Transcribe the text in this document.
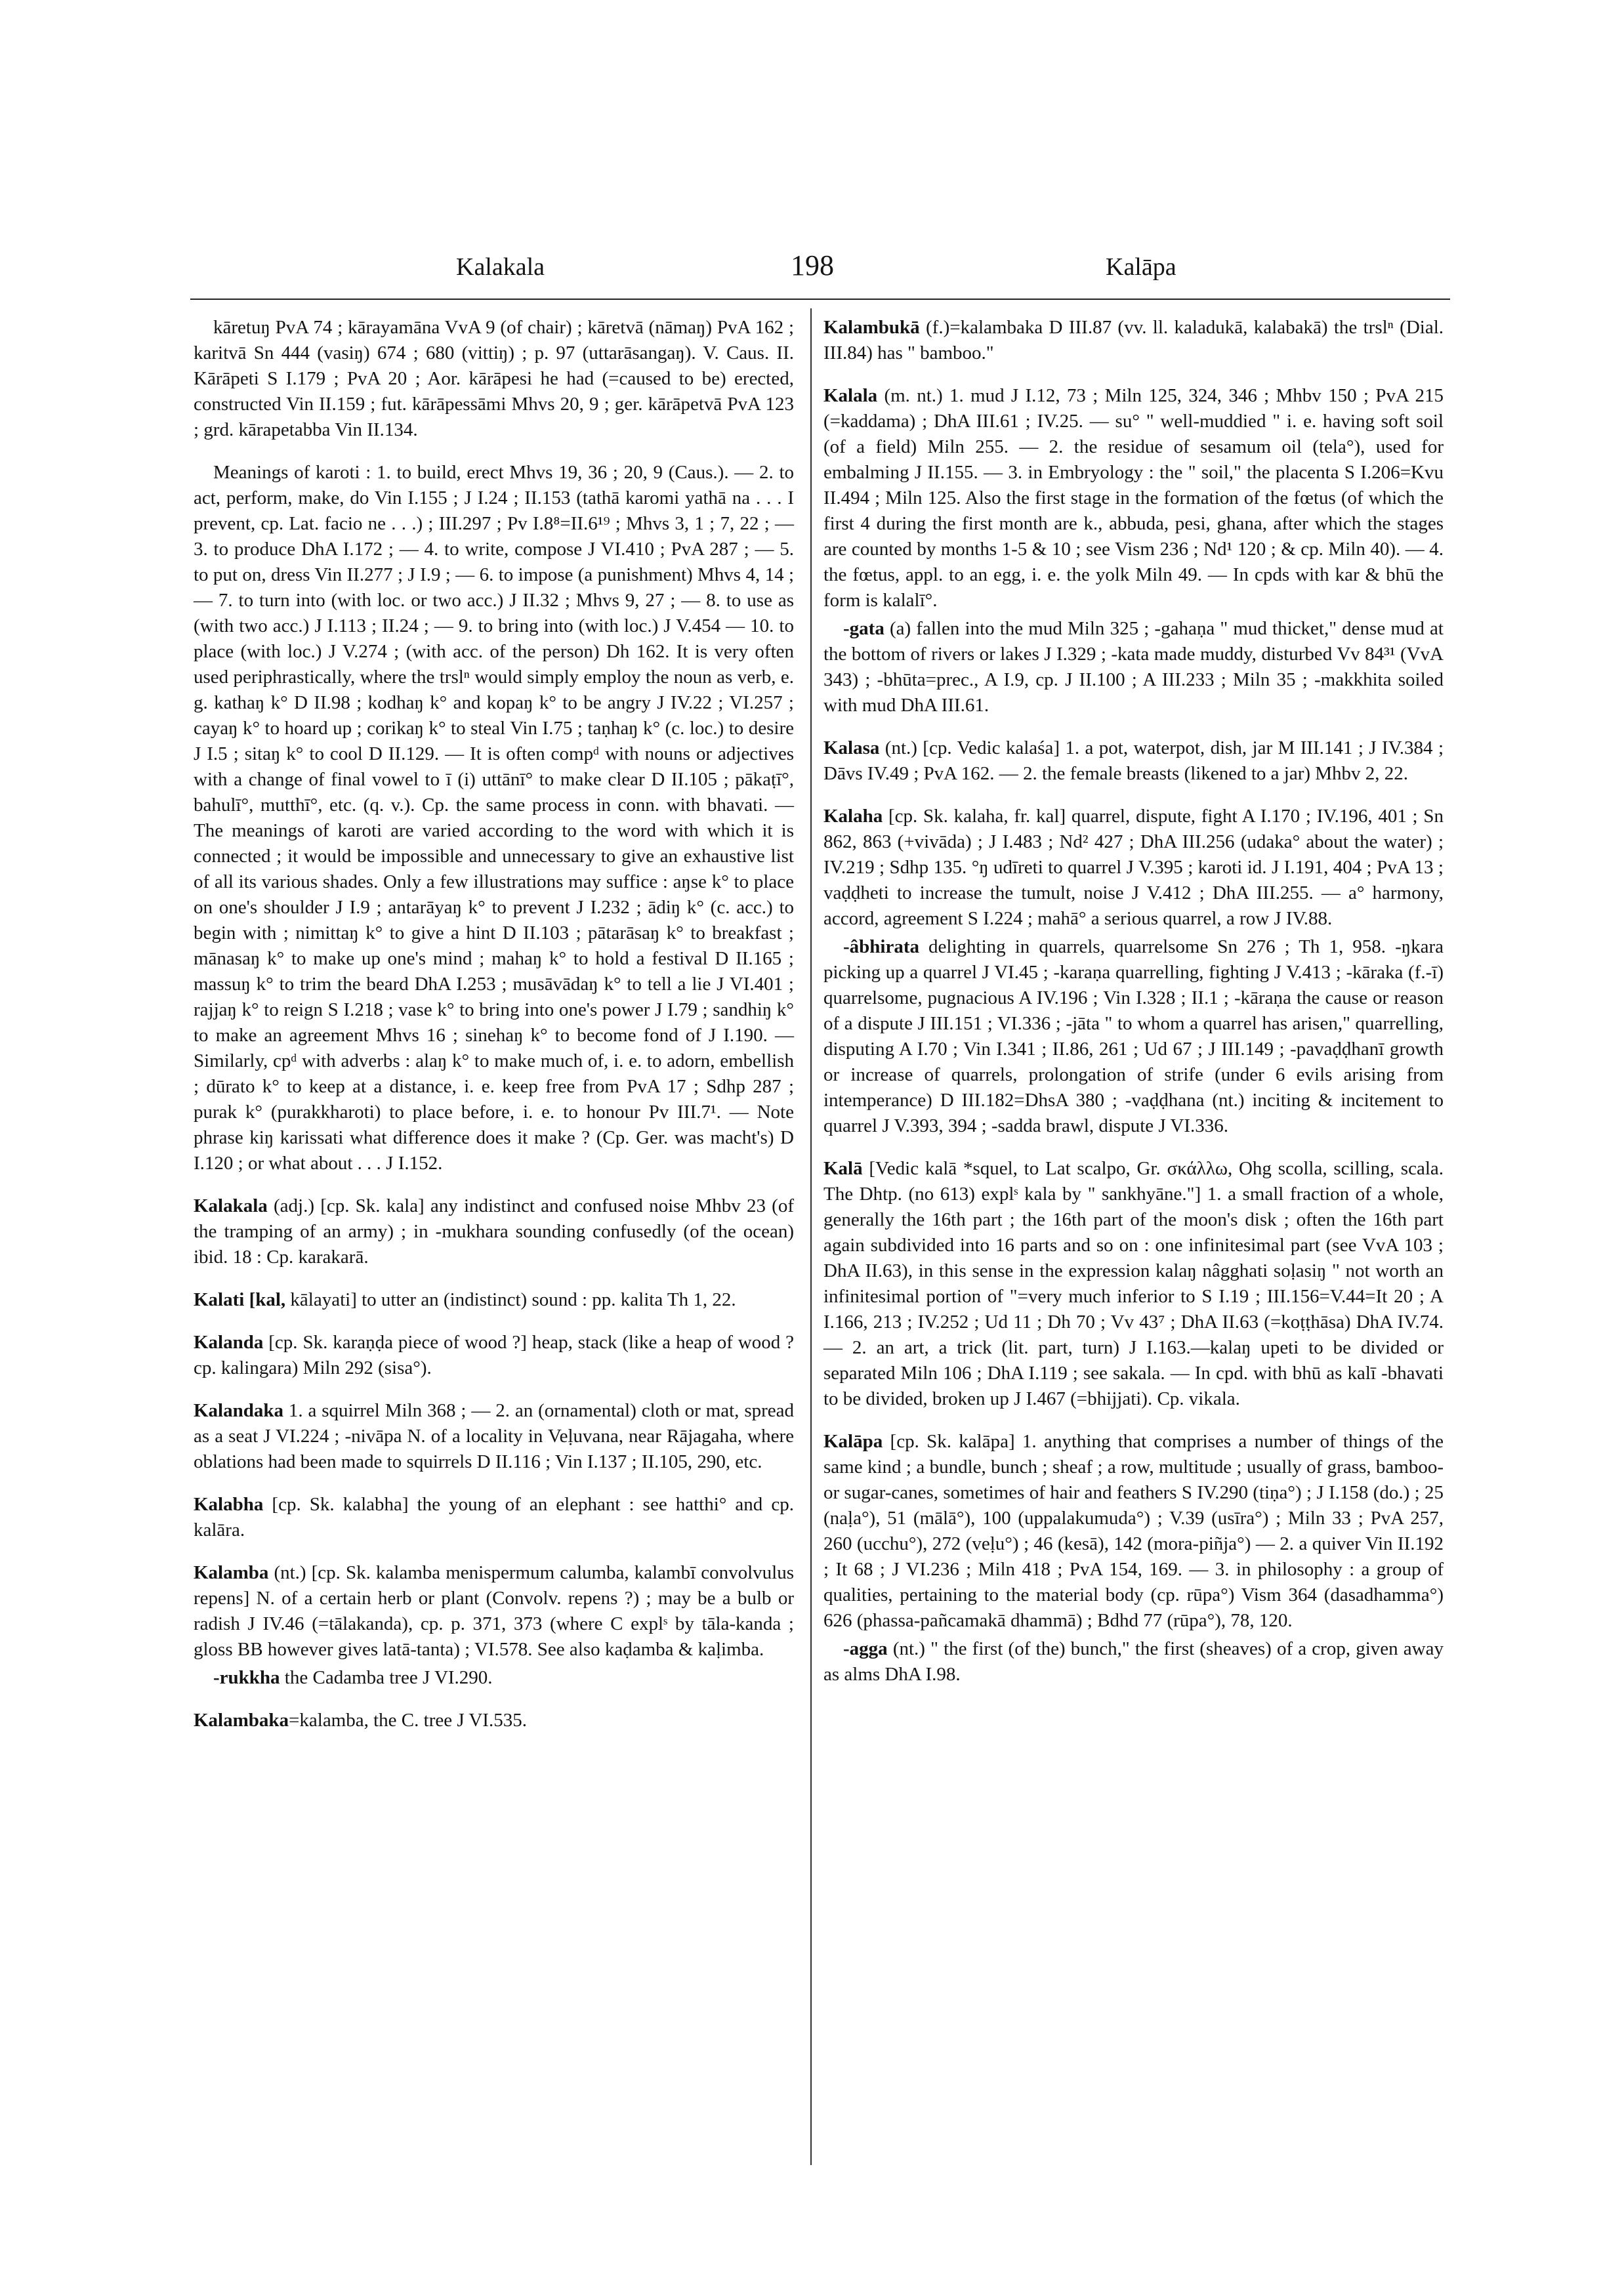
Kalakala	198	Kalāpa

kāretuŋ PvA 74 ; kārayamāna VvA 9 (of chair) ; kāretvā (nāmaŋ) PvA 162 ; karitvā Sn 444 (vasiŋ) 674 ; 680 (vittiŋ) ; p. 97 (uttarāsangaŋ). V. Caus. II. Kārāpeti S I.179 ; PvA 20 ; Aor. kārāpesi he had (=caused to be) erected, constructed Vin II.159 ; fut. kārāpessāmi Mhvs 20, 9 ; ger. kārāpetvā PvA 123 ; grd. kārapetabba Vin II.134.

Meanings of karoti : 1. to build, erect Mhvs 19, 36 ; 20, 9 (Caus.). — 2. to act, perform, make, do Vin I.155 ; J I.24 ; II.153 (tathā karomi yathā na . . . I prevent, cp. Lat. facio ne . . .) ; III.297 ; Pv I.8⁸=II.6¹⁹ ; Mhvs 3, 1 ; 7, 22 ; — 3. to produce DhA I.172 ; — 4. to write, compose J VI.410 ; PvA 287 ; — 5. to put on, dress Vin II.277 ; J I.9 ; — 6. to impose (a punishment) Mhvs 4, 14 ; — 7. to turn into (with loc. or two acc.) J II.32 ; Mhvs 9, 27 ; — 8. to use as (with two acc.) J I.113 ; II.24 ; — 9. to bring into (with loc.) J V.454 — 10. to place (with loc.) J V.274 ; (with acc. of the person) Dh 162. It is very often used periphrastically, where the trslⁿ would simply employ the noun as verb, e. g. kathaŋ k° D II.98 ; kodhaŋ k° and kopaŋ k° to be angry J IV.22 ; VI.257 ; cayaŋ k° to hoard up ; corikaŋ k° to steal Vin I.75 ; taṇhaŋ k° (c. loc.) to desire J I.5 ; sitaŋ k° to cool D II.129. — It is often compᵈ with nouns or adjectives with a change of final vowel to ī (i) uttānī° to make clear D II.105 ; pākaṭī°, bahulī°, mutthī°, etc. (q. v.). Cp. the same process in conn. with bhavati. — The meanings of karoti are varied according to the word with which it is connected ; it would be impossible and unnecessary to give an exhaustive list of all its various shades. Only a few illustrations may suffice : aŋse k° to place on one's shoulder J I.9 ; antarāyaŋ k° to prevent J I.232 ; ādiŋ k° (c. acc.) to begin with ; nimittaŋ k° to give a hint D II.103 ; pātarāsaŋ k° to breakfast ; mānasaŋ k° to make up one's mind ; mahaŋ k° to hold a festival D II.165 ; massuŋ k° to trim the beard DhA I.253 ; musāvādaŋ k° to tell a lie J VI.401 ; rajjaŋ k° to reign S I.218 ; vase k° to bring into one's power J I.79 ; sandhiŋ k° to make an agreement Mhvs 16 ; sinehaŋ k° to become fond of J I.190. — Similarly, cpᵈ with adverbs : alaŋ k° to make much of, i. e. to adorn, embellish ; dūrato k° to keep at a distance, i. e. keep free from PvA 17 ; Sdhp 287 ; purak k° (purakkharoti) to place before, i. e. to honour Pv III.7¹. — Note phrase kiŋ karissati what difference does it make ? (Cp. Ger. was macht's) D I.120 ; or what about . . . J I.152.

Kalakala (adj.) [cp. Sk. kala] any indistinct and confused noise Mhbv 23 (of the tramping of an army) ; in -mukhara sounding confusedly (of the ocean) ibid. 18 : Cp. karakarā.

Kalati [kal, kālayati] to utter an (indistinct) sound : pp. kalita Th 1, 22.

Kalanda [cp. Sk. karaṇḍa piece of wood ?] heap, stack (like a heap of wood ? cp. kalingara) Miln 292 (sisa°).

Kalandaka 1. a squirrel Miln 368 ; — 2. an (ornamental) cloth or mat, spread as a seat J VI.224 ; -nivāpa N. of a locality in Veḷuvana, near Rājagaha, where oblations had been made to squirrels D II.116 ; Vin I.137 ; II.105, 290, etc.

Kalabha [cp. Sk. kalabha] the young of an elephant : see hatthi° and cp. kalāra.

Kalamba (nt.) [cp. Sk. kalamba menispermum calumba, kalambī convolvulus repens] N. of a certain herb or plant (Convolv. repens ?) ; may be a bulb or radish J IV.46 (=tālakanda), cp. p. 371, 373 (where C explˢ by tāla-kanda ; gloss BB however gives latā-tanta) ; VI.578. See also kaḍamba & kaḷimba.

-rukkha the Cadamba tree J VI.290.

Kalambaka=kalamba, the C. tree J VI.535.

Kalambukā (f.)=kalambaka D III.87 (vv. ll. kaladukā, kalabakā) the trslⁿ (Dial. III.84) has " bamboo."

Kalala (m. nt.) 1. mud J I.12, 73 ; Miln 125, 324, 346 ; Mhbv 150 ; PvA 215 (=kaddama) ; DhA III.61 ; IV.25. — su° " well-muddied " i. e. having soft soil (of a field) Miln 255. — 2. the residue of sesamum oil (tela°), used for embalming J II.155. — 3. in Embryology : the " soil," the placenta S I.206=Kvu II.494 ; Miln 125. Also the first stage in the formation of the fœtus (of which the first 4 during the first month are k., abbuda, pesi, ghana, after which the stages are counted by months 1-5 & 10 ; see Vism 236 ; Nd¹ 120 ; & cp. Miln 40). — 4. the fœtus, appl. to an egg, i. e. the yolk Miln 49. — In cpds with kar & bhū the form is kalalī°.

-gata (a) fallen into the mud Miln 325 ; -gahaṇa " mud thicket," dense mud at the bottom of rivers or lakes J I.329 ; -kata made muddy, disturbed Vv 84³¹ (VvA 343) ; -bhūta=prec., A I.9, cp. J II.100 ; A III.233 ; Miln 35 ; -makkhita soiled with mud DhA III.61.

Kalasa (nt.) [cp. Vedic kalaśa] 1. a pot, waterpot, dish, jar M III.141 ; J IV.384 ; Dāvs IV.49 ; PvA 162. — 2. the female breasts (likened to a jar) Mhbv 2, 22.

Kalaha [cp. Sk. kalaha, fr. kal] quarrel, dispute, fight A I.170 ; IV.196, 401 ; Sn 862, 863 (+vivāda) ; J I.483 ; Nd² 427 ; DhA III.256 (udaka° about the water) ; IV.219 ; Sdhp 135. °ŋ udīreti to quarrel J V.395 ; karoti id. J I.191, 404 ; PvA 13 ; vaḍḍheti to increase the tumult, noise J V.412 ; DhA III.255. — a° harmony, accord, agreement S I.224 ; mahā° a serious quarrel, a row J IV.88.

-âbhirata delighting in quarrels, quarrelsome Sn 276 ; Th 1, 958. -ŋkara picking up a quarrel J VI.45 ; -karaṇa quarrelling, fighting J V.413 ; -kāraka (f.-ī) quarrelsome, pugnacious A IV.196 ; Vin I.328 ; II.1 ; -kāraṇa the cause or reason of a dispute J III.151 ; VI.336 ; -jāta " to whom a quarrel has arisen," quarrelling, disputing A I.70 ; Vin I.341 ; II.86, 261 ; Ud 67 ; J III.149 ; -pavaḍḍhanī growth or increase of quarrels, prolongation of strife (under 6 evils arising from intemperance) D III.182=DhsA 380 ; -vaḍḍhana (nt.) inciting & incitement to quarrel J V.393, 394 ; -sadda brawl, dispute J VI.336.

Kalā [Vedic kalā *squel, to Lat scalpo, Gr. σκάλλω, Ohg scolla, scilling, scala. The Dhtp. (no 613) explˢ kala by " sankhyāne."] 1. a small fraction of a whole, generally the 16th part ; the 16th part of the moon's disk ; often the 16th part again subdivided into 16 parts and so on : one infinitesimal part (see VvA 103 ; DhA II.63), in this sense in the expression kalaŋ nâgghati soḷasiŋ " not worth an infinitesimal portion of "=very much inferior to S I.19 ; III.156=V.44=It 20 ; A I.166, 213 ; IV.252 ; Ud 11 ; Dh 70 ; Vv 43⁷ ; DhA II.63 (=koṭṭhāsa) DhA IV.74. — 2. an art, a trick (lit. part, turn) J I.163.—kalaŋ upeti to be divided or separated Miln 106 ; DhA I.119 ; see sakala. — In cpd. with bhū as kalī -bhavati to be divided, broken up J I.467 (=bhijjati). Cp. vikala.

Kalāpa [cp. Sk. kalāpa] 1. anything that comprises a number of things of the same kind ; a bundle, bunch ; sheaf ; a row, multitude ; usually of grass, bamboo- or sugar-canes, sometimes of hair and feathers S IV.290 (tiṇa°) ; J I.158 (do.) ; 25 (naḷa°), 51 (mālā°), 100 (uppalakumuda°) ; V.39 (usīra°) ; Miln 33 ; PvA 257, 260 (ucchu°), 272 (veḷu°) ; 46 (kesā), 142 (mora-piñja°) — 2. a quiver Vin II.192 ; It 68 ; J VI.236 ; Miln 418 ; PvA 154, 169. — 3. in philosophy : a group of qualities, pertaining to the material body (cp. rūpa°) Vism 364 (dasadhamma°) 626 (phassa-pañcamakā dhammā) ; Bdhd 77 (rūpa°), 78, 120.

-agga (nt.) " the first (of the) bunch," the first (sheaves) of a crop, given away as alms DhA I.98.
